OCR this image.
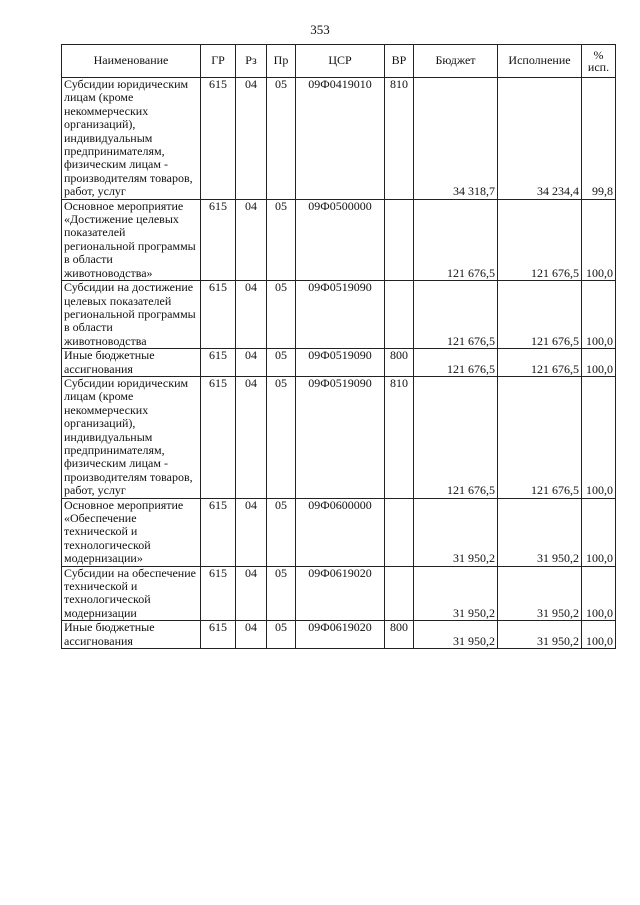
353
Наименование	ГР	Рз	Пр	ЦСР	ВР	Бюджет	Исполнение	%
исп.
Субсидии юридическим лицам (кроме некоммерческих организаций), индивидуальным предпринимателям, физическим лицам - производителям товаров, работ, услуг	615	04	05	09Ф0419010	810	34 318,7	34 234,4	99,8
Основное мероприятие «Достижение целевых показателей региональной программы в области животноводства»	615	04	05	09Ф0500000		121 676,5	121 676,5	100,0
Субсидии на достижение целевых показателей региональной программы в области животноводства	615	04	05	09Ф0519090		121 676,5	121 676,5	100,0
Иные бюджетные ассигнования	615	04	05	09Ф0519090	800	121 676,5	121 676,5	100,0
Субсидии юридическим лицам (кроме некоммерческих организаций), индивидуальным предпринимателям, физическим лицам - производителям товаров, работ, услуг	615	04	05	09Ф0519090	810	121 676,5	121 676,5	100,0
Основное мероприятие «Обеспечение технической и технологической модернизации»	615	04	05	09Ф0600000		31 950,2	31 950,2	100,0
Субсидии на обеспечение технической и технологической модернизации	615	04	05	09Ф0619020		31 950,2	31 950,2	100,0
Иные бюджетные ассигнования	615	04	05	09Ф0619020	800	31 950,2	31 950,2	100,0
